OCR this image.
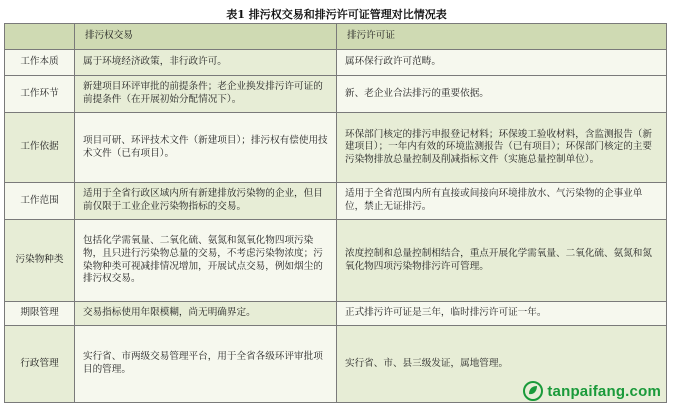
表1 排污权交易和排污许可证管理对比情况表
	排污权交易	排污许可证
工作本质	属于环境经济政策，非行政许可。	属环保行政许可范畴。
工作环节	新建项目环评审批的前提条件；老企业换发排污许可证的前提条件（在开展初始分配情况下）。	新、老企业合法排污的重要依据。
工作依据	项目可研、环评技术文件（新建项目）；排污权有偿使用技术文件（已有项目）。	环保部门核定的排污申报登记材料；环保竣工验收材料，含监测报告（新建项目）；一年内有效的环境监测报告（已有项目）；环保部门核定的主要污染物排放总量控制及削减指标文件（实施总量控制单位）。
工作范围	适用于全省行政区域内所有新建排放污染物的企业，但目前仅限于工业企业污染物指标的交易。	适用于全省范围内所有直接或间接向环境排放水、气污染物的企事业单位，禁止无证排污。
污染物种类	包括化学需氧量、二氧化硫、氨氮和氮氧化物四项污染物，且只进行污染物总量的交易，不考虑污染物浓度；污染物种类可视减排情况增加，开展试点交易，例如烟尘的排污权交易。	浓度控制和总量控制相结合，重点开展化学需氧量、二氧化硫、氨氮和氮氧化物四项污染物排污许可管理。
期限管理	交易指标使用年限模糊，尚无明确界定。	正式排污许可证是三年，临时排污许可证一年。
行政管理	实行省、市两级交易管理平台，用于全省各级环评审批项目的管理。	实行省、市、县三级发证，属地管理。
tanpaifang.com
